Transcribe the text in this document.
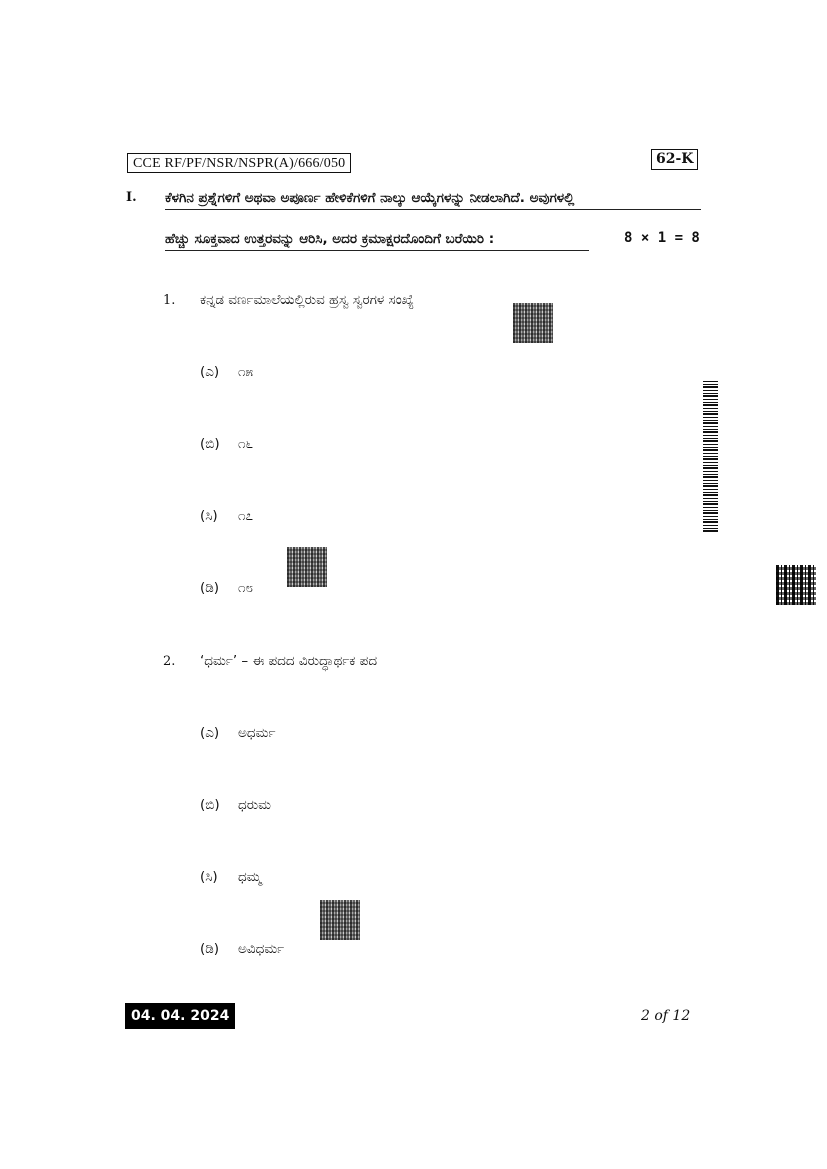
CCE RF/PF/NSR/NSPR(A)/666/050	62-K
I. ಕೆಳಗಿನ ಪ್ರಶ್ನೆಗಳಿಗೆ ಅಥವಾ ಅಪೂರ್ಣ ಹೇಳಿಕೆಗಳಿಗೆ ನಾಲ್ಕು ಆಯ್ಕೆಗಳನ್ನು ನೀಡಲಾಗಿದೆ. ಅವುಗಳಲ್ಲಿ
ಹೆಚ್ಚು ಸೂಕ್ತವಾದ ಉತ್ತರವನ್ನು ಆರಿಸಿ, ಅದರ ಕ್ರಮಾಕ್ಷರದೊಂದಿಗೆ ಬರೆಯಿರಿ :	8 × 1 = 8
1. ಕನ್ನಡ ವರ್ಣಮಾಲೆಯಲ್ಲಿರುವ ಹ್ರಸ್ವ ಸ್ವರಗಳ ಸಂಖ್ಯೆ
(ಎ) ೧೫
(ಬಿ) ೧೬
(ಸಿ) ೧೭
(ಡಿ) ೧೮
2. ‘ಧರ್ಮ’ – ಈ ಪದದ ವಿರುದ್ಧಾರ್ಥಕ ಪದ
(ಎ) ಅಧರ್ಮ
(ಬಿ) ಧರುಮ
(ಸಿ) ಧಮ್ಮ
(ಡಿ) ಅವಿಧರ್ಮ
04. 04. 2024	2 of 12
